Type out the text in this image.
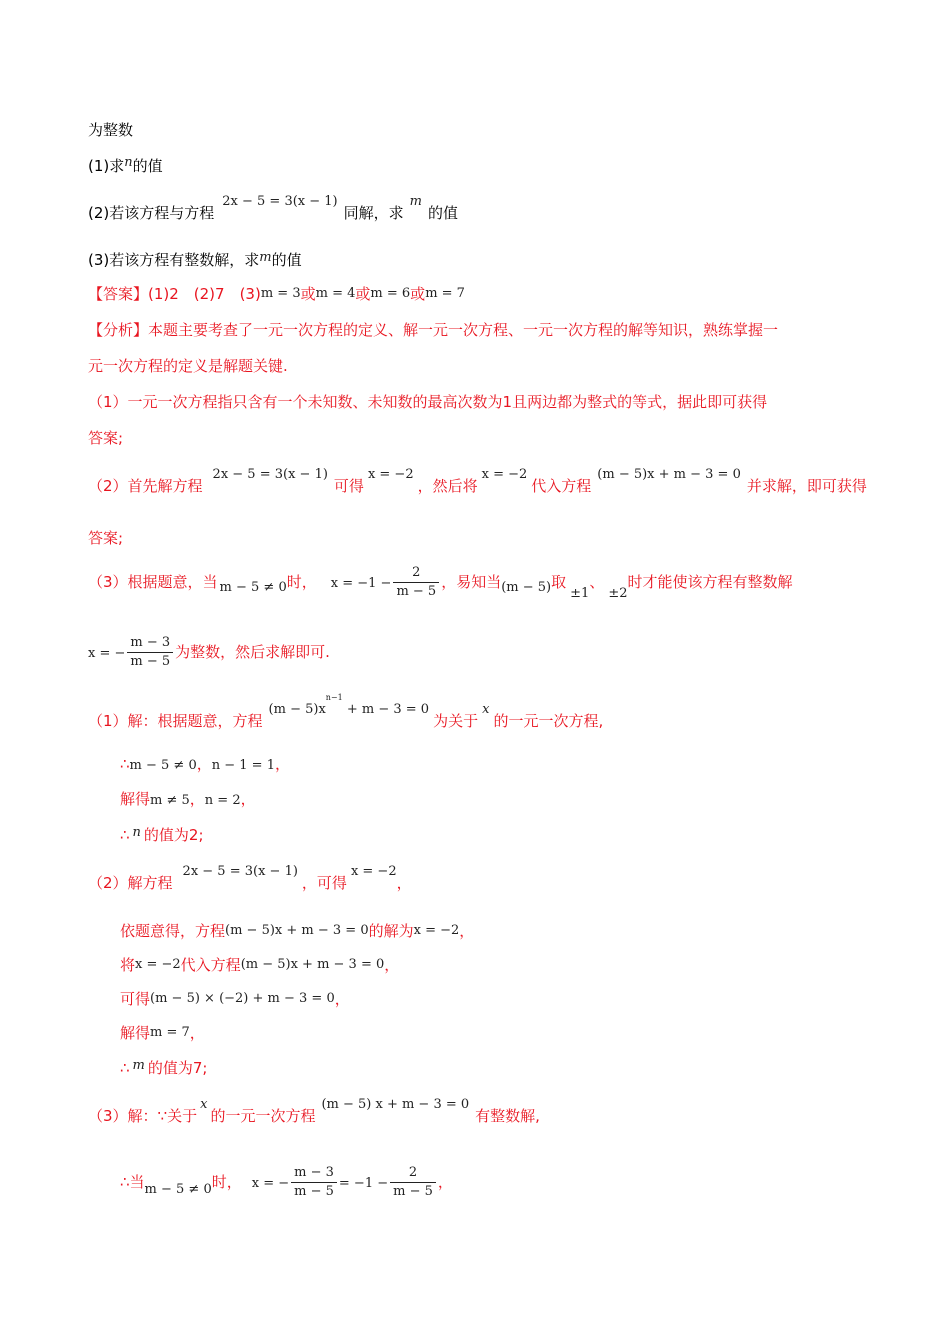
为整数
(1)求n的值
(2)若该方程与方程2x − 5 = 3(x − 1)同解，求m的值
(3)若该方程有整数解，求m的值
【答案】(1)2　(2)7　(3)m = 3或m = 4或m = 6或m = 7
【分析】本题主要考查了一元一次方程的定义、解一元一次方程、一元一次方程的解等知识，熟练掌握一
元一次方程的定义是解题关键.
（1）一元一次方程指只含有一个未知数、未知数的最高次数为1且两边都为整式的等式，据此即可获得
答案;
（2）首先解方程2x − 5 = 3(x − 1)可得x = −2，然后将x = −2代入方程(m − 5)x + m − 3 = 0并求解，即可获得
答案;
（3）根据题意，当 m − 5 ≠ 0时， $x = -1 - \frac{2}{m - 5}$ ，易知当(m − 5)取±1、±2时才能使该方程有整数解
x = − $\frac{m - 3}{m - 5}$ 为整数，然后求解即可.
（1）解：根据题意，方程$(m - 5)x^{n-1} + m - 3 = 0$为关于x的一元一次方程,
∴m − 5 ≠ 0，n − 1 = 1，
解得m ≠ 5，n = 2，
∴ n 的值为2;
（2）解方程2x − 5 = 3(x − 1)，可得x = −2，
依题意得，方程(m − 5)x + m − 3 = 0的解为x = −2，
将x = −2代入方程(m − 5)x + m − 3 = 0，
可得(m − 5) × (−2) + m − 3 = 0，
解得m = 7，
∴ m 的值为7;
（3）解：∵关于x的一元一次方程(m − 5) x + m − 3 = 0有整数解,
∴当m − 5 ≠ 0时， x = − $\frac{m - 3}{m - 5} = -1 - \frac{2}{m - 5}$ ，
